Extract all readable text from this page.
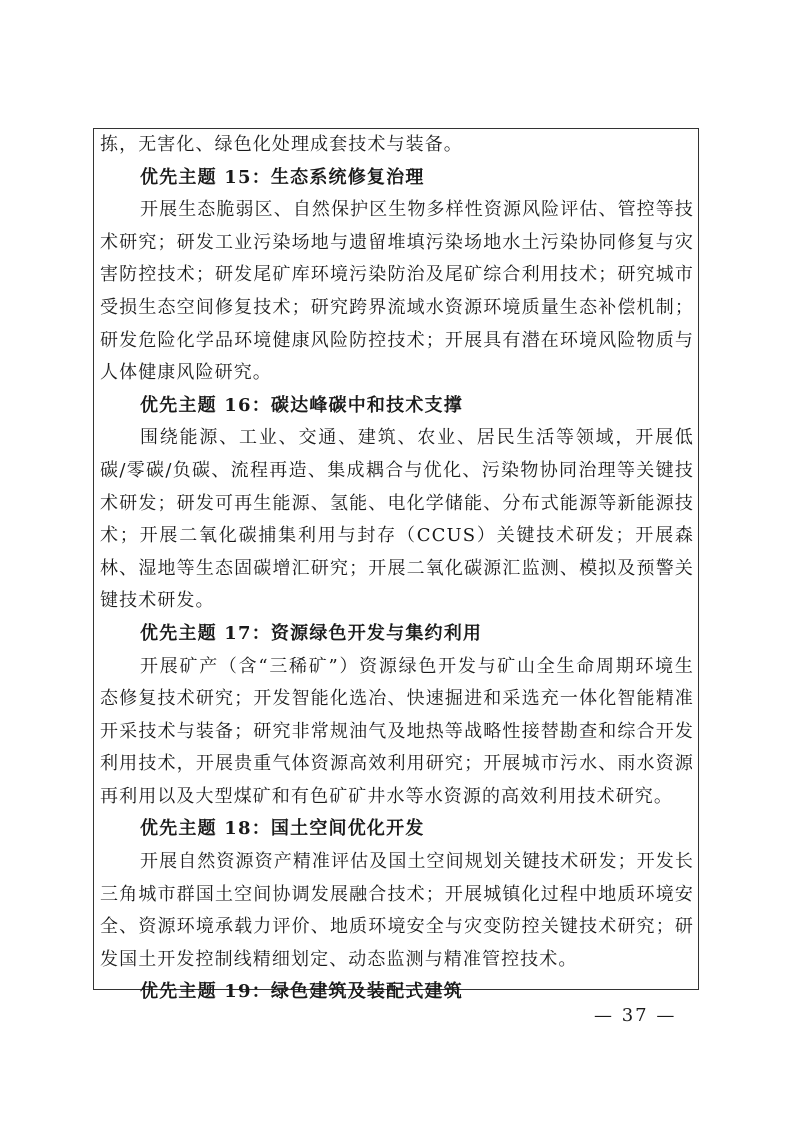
拣，无害化、绿色化处理成套技术与装备。

优先主题 15：生态系统修复治理

开展生态脆弱区、自然保护区生物多样性资源风险评估、管控等技术研究；研发工业污染场地与遗留堆填污染场地水土污染协同修复与灾害防控技术；研发尾矿库环境污染防治及尾矿综合利用技术；研究城市受损生态空间修复技术；研究跨界流域水资源环境质量生态补偿机制；研发危险化学品环境健康风险防控技术；开展具有潜在环境风险物质与人体健康风险研究。

优先主题 16：碳达峰碳中和技术支撑

围绕能源、工业、交通、建筑、农业、居民生活等领域，开展低碳/零碳/负碳、流程再造、集成耦合与优化、污染物协同治理等关键技术研发；研发可再生能源、氢能、电化学储能、分布式能源等新能源技术；开展二氧化碳捕集利用与封存（CCUS）关键技术研发；开展森林、湿地等生态固碳增汇研究；开展二氧化碳源汇监测、模拟及预警关键技术研发。

优先主题 17：资源绿色开发与集约利用

开展矿产（含“三稀矿”）资源绿色开发与矿山全生命周期环境生态修复技术研究；开发智能化选冶、快速掘进和采选充一体化智能精准开采技术与装备；研究非常规油气及地热等战略性接替勘查和综合开发利用技术，开展贵重气体资源高效利用研究；开展城市污水、雨水资源再利用以及大型煤矿和有色矿矿井水等水资源的高效利用技术研究。

优先主题 18：国土空间优化开发

开展自然资源资产精准评估及国土空间规划关键技术研发；开发长三角城市群国土空间协调发展融合技术；开展城镇化过程中地质环境安全、资源环境承载力评价、地质环境安全与灾变防控关键技术研究；研发国土开发控制线精细划定、动态监测与精准管控技术。

优先主题 19：绿色建筑及装配式建筑

— 37 —
